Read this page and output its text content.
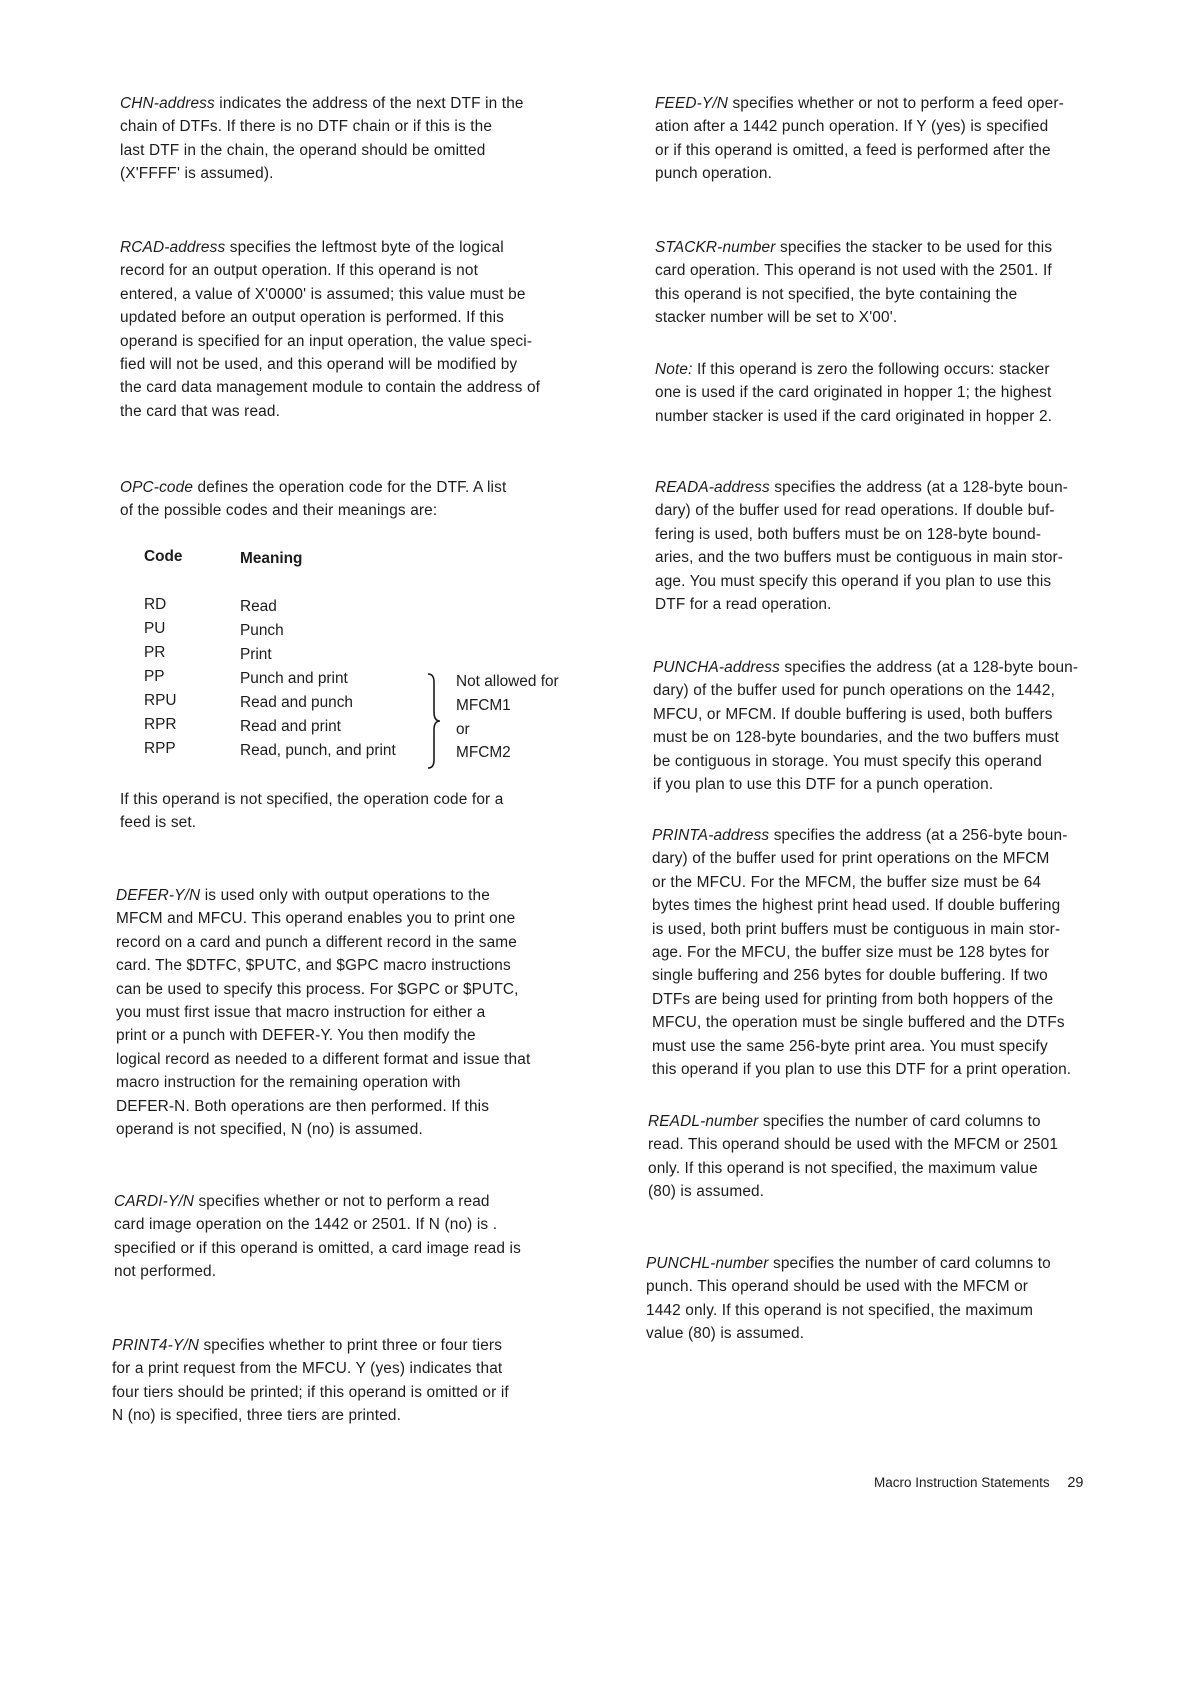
CHN-address indicates the address of the next DTF in the
chain of DTFs. If there is no DTF chain or if this is the
last DTF in the chain, the operand should be omitted
(X'FFFF' is assumed).

RCAD-address specifies the leftmost byte of the logical
record for an output operation. If this operand is not
entered, a value of X'0000' is assumed; this value must be
updated before an output operation is performed. If this
operand is specified for an input operation, the value speci-
fied will not be used, and this operand will be modified by
the card data management module to contain the address of
the card that was read.

OPC-code defines the operation code for the DTF. A list
of the possible codes and their meanings are:

Code	Meaning
RD	Read
PU	Punch
PR	Print
PP	Punch and print
RPU	Read and punch
RPR	Read and print
RPP	Read, punch, and print
Not allowed for
MFCM1
or
MFCM2

If this operand is not specified, the operation code for a
feed is set.

DEFER-Y/N is used only with output operations to the
MFCM and MFCU. This operand enables you to print one
record on a card and punch a different record in the same
card. The $DTFC, $PUTC, and $GPC macro instructions
can be used to specify this process. For $GPC or $PUTC,
you must first issue that macro instruction for either a
print or a punch with DEFER-Y. You then modify the
logical record as needed to a different format and issue that
macro instruction for the remaining operation with
DEFER-N. Both operations are then performed. If this
operand is not specified, N (no) is assumed.

CARDI-Y/N specifies whether or not to perform a read
card image operation on the 1442 or 2501. If N (no) is .
specified or if this operand is omitted, a card image read is
not performed.

PRINT4-Y/N specifies whether to print three or four tiers
for a print request from the MFCU. Y (yes) indicates that
four tiers should be printed; if this operand is omitted or if
N (no) is specified, three tiers are printed.

FEED-Y/N specifies whether or not to perform a feed oper-
ation after a 1442 punch operation. If Y (yes) is specified
or if this operand is omitted, a feed is performed after the
punch operation.

STACKR-number specifies the stacker to be used for this
card operation. This operand is not used with the 2501. If
this operand is not specified, the byte containing the
stacker number will be set to X'00'.

Note: If this operand is zero the following occurs: stacker
one is used if the card originated in hopper 1; the highest
number stacker is used if the card originated in hopper 2.

READA-address specifies the address (at a 128-byte boun-
dary) of the buffer used for read operations. If double buf-
fering is used, both buffers must be on 128-byte bound-
aries, and the two buffers must be contiguous in main stor-
age. You must specify this operand if you plan to use this
DTF for a read operation.

PUNCHA-address specifies the address (at a 128-byte boun-
dary) of the buffer used for punch operations on the 1442,
MFCU, or MFCM. If double buffering is used, both buffers
must be on 128-byte boundaries, and the two buffers must
be contiguous in storage. You must specify this operand
if you plan to use this DTF for a punch operation.

PRINTA-address specifies the address (at a 256-byte boun-
dary) of the buffer used for print operations on the MFCM
or the MFCU. For the MFCM, the buffer size must be 64
bytes times the highest print head used. If double buffering
is used, both print buffers must be contiguous in main stor-
age. For the MFCU, the buffer size must be 128 bytes for
single buffering and 256 bytes for double buffering. If two
DTFs are being used for printing from both hoppers of the
MFCU, the operation must be single buffered and the DTFs
must use the same 256-byte print area. You must specify
this operand if you plan to use this DTF for a print operation.

READL-number specifies the number of card columns to
read. This operand should be used with the MFCM or 2501
only. If this operand is not specified, the maximum value
(80) is assumed.

PUNCHL-number specifies the number of card columns to
punch. This operand should be used with the MFCM or
1442 only. If this operand is not specified, the maximum
value (80) is assumed.

Macro Instruction Statements 29
